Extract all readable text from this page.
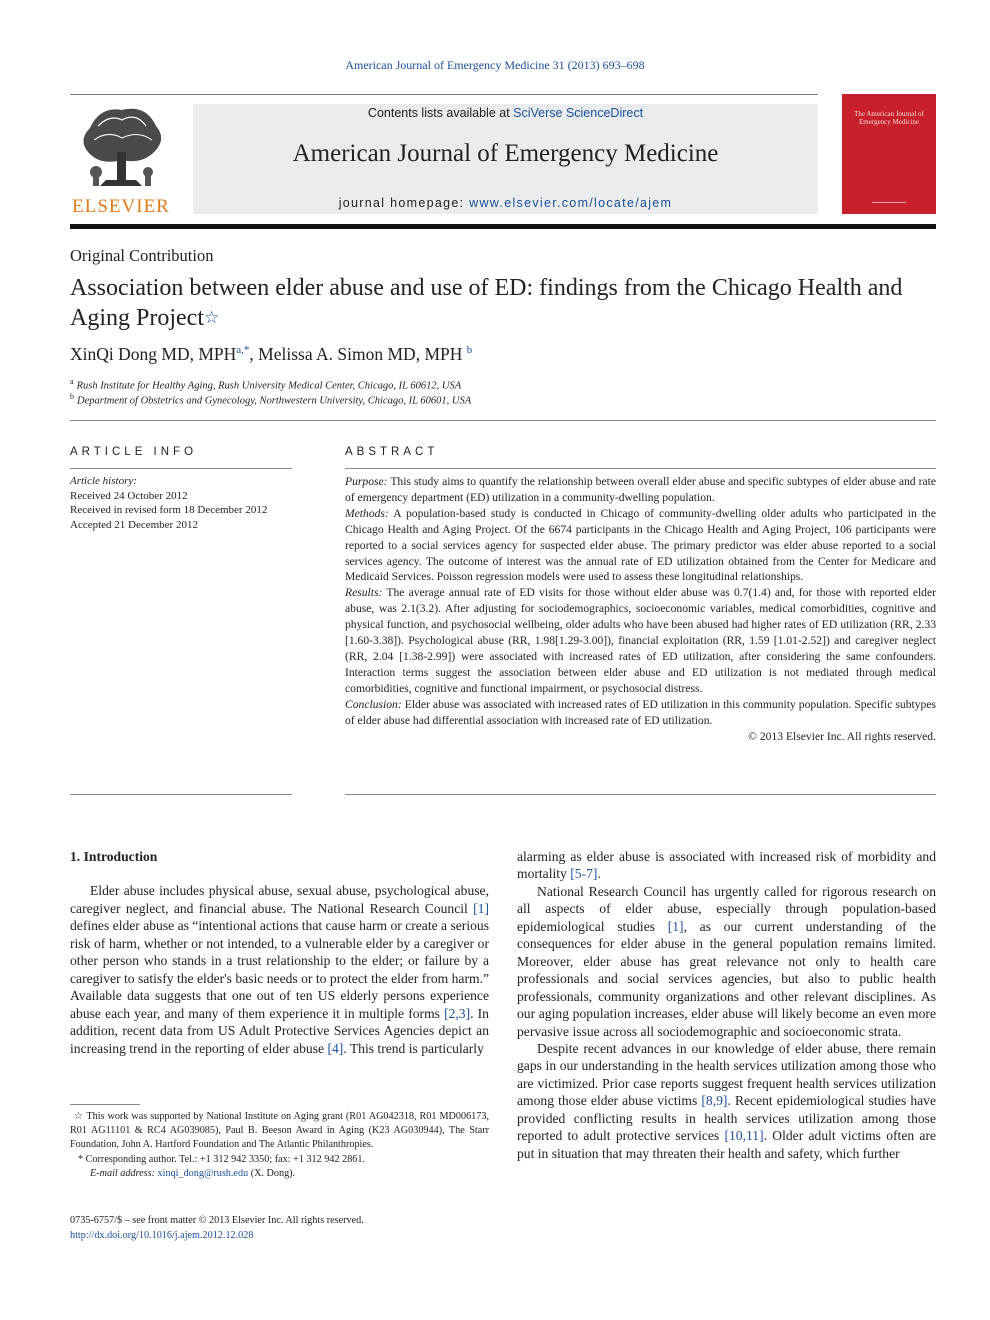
American Journal of Emergency Medicine 31 (2013) 693–698
ELSEVIER
Contents lists available at SciVerse ScienceDirect
American Journal of Emergency Medicine
journal homepage: www.elsevier.com/locate/ajem
The American Journal of Emergency Medicine
Original Contribution
Association between elder abuse and use of ED: findings from the Chicago Health and
Aging Project☆
XinQi Dong MD, $MPH^{a,*}$, Melissa A. Simon MD, MPH $^b$
$^a$ Rush Institute for Healthy Aging, Rush University Medical Center, Chicago, IL 60612, USA
$^b$ Department of Obstetrics and Gynecology, Northwestern University, Chicago, IL 60601, USA
ARTICLE INFO
Article history:
Received 24 October 2012
Received in revised form 18 December 2012
Accepted 21 December 2012
ABSTRACT

Purpose: This study aims to quantify the relationship between overall elder abuse and specific subtypes of elder abuse and rate of emergency department (ED) utilization in a community-dwelling population.

Methods: A population-based study is conducted in Chicago of community-dwelling older adults who participated in the Chicago Health and Aging Project. Of the 6674 participants in the Chicago Health and Aging Project, 106 participants were reported to a social services agency for suspected elder abuse. The primary predictor was elder abuse reported to a social services agency. The outcome of interest was the annual rate of ED utilization obtained from the Center for Medicare and Medicaid Services. Poisson regression models were used to assess these longitudinal relationships.

Results: The average annual rate of ED visits for those without elder abuse was 0.7(1.4) and, for those with reported elder abuse, was 2.1(3.2). After adjusting for sociodemographics, socioeconomic variables, medical comorbidities, cognitive and physical function, and psychosocial wellbeing, older adults who have been abused had higher rates of ED utilization (RR, 2.33 [1.60-3.38]). Psychological abuse (RR, 1.98[1.29-3.00]), financial exploitation (RR, 1.59 [1.01-2.52]) and caregiver neglect (RR, 2.04 [1.38-2.99]) were associated with increased rates of ED utilization, after considering the same confounders. Interaction terms suggest the association between elder abuse and ED utilization is not mediated through medical comorbidities, cognitive and functional impairment, or psychosocial distress.

Conclusion: Elder abuse was associated with increased rates of ED utilization in this community population. Specific subtypes of elder abuse had differential association with increased rate of ED utilization.

© 2013 Elsevier Inc. All rights reserved.

1. Introduction

Elder abuse includes physical abuse, sexual abuse, psychological abuse, caregiver neglect, and financial abuse. The National Research Council [1] defines elder abuse as “intentional actions that cause harm or create a serious risk of harm, whether or not intended, to a vulnerable elder by a caregiver or other person who stands in a trust relationship to the elder; or failure by a caregiver to satisfy the elder's basic needs or to protect the elder from harm.” Available data suggests that one out of ten US elderly persons experience abuse each year, and many of them experience it in multiple forms [2,3]. In addition, recent data from US Adult Protective Services Agencies depict an increasing trend in the reporting of elder abuse [4]. This trend is particularly

alarming as elder abuse is associated with increased risk of morbidity and mortality [5-7].

National Research Council has urgently called for rigorous research on all aspects of elder abuse, especially through population-based epidemiological studies [1], as our current understanding of the consequences for elder abuse in the general population remains limited. Moreover, elder abuse has great relevance not only to health care professionals and social services agencies, but also to public health professionals, community organizations and other relevant disciplines. As our aging population increases, elder abuse will likely become an even more pervasive issue across all sociodemographic and socioeconomic strata.

Despite recent advances in our knowledge of elder abuse, there remain gaps in our understanding in the health services utilization among those who are victimized. Prior case reports suggest frequent health services utilization among those elder abuse victims [8,9]. Recent epidemiological studies have provided conflicting results in health services utilization among those reported to adult protective services [10,11]. Older adult victims often are put in situation that may threaten their health and safety, which further

☆ This work was supported by National Institute on Aging grant (R01 AG042318, R01 MD006173, R01 AG11101 & RC4 AG039085), Paul B. Beeson Award in Aging (K23 AG030944), The Starr Foundation, John A. Hartford Foundation and The Atlantic Philanthropies.

* Corresponding author. Tel.: +1 312 942 3350; fax: +1 312 942 2861.

E-mail address: xinqi_dong@rush.edu (X. Dong).

0735-6757/$ – see front matter © 2013 Elsevier Inc. All rights reserved.
http://dx.doi.org/10.1016/j.ajem.2012.12.028
